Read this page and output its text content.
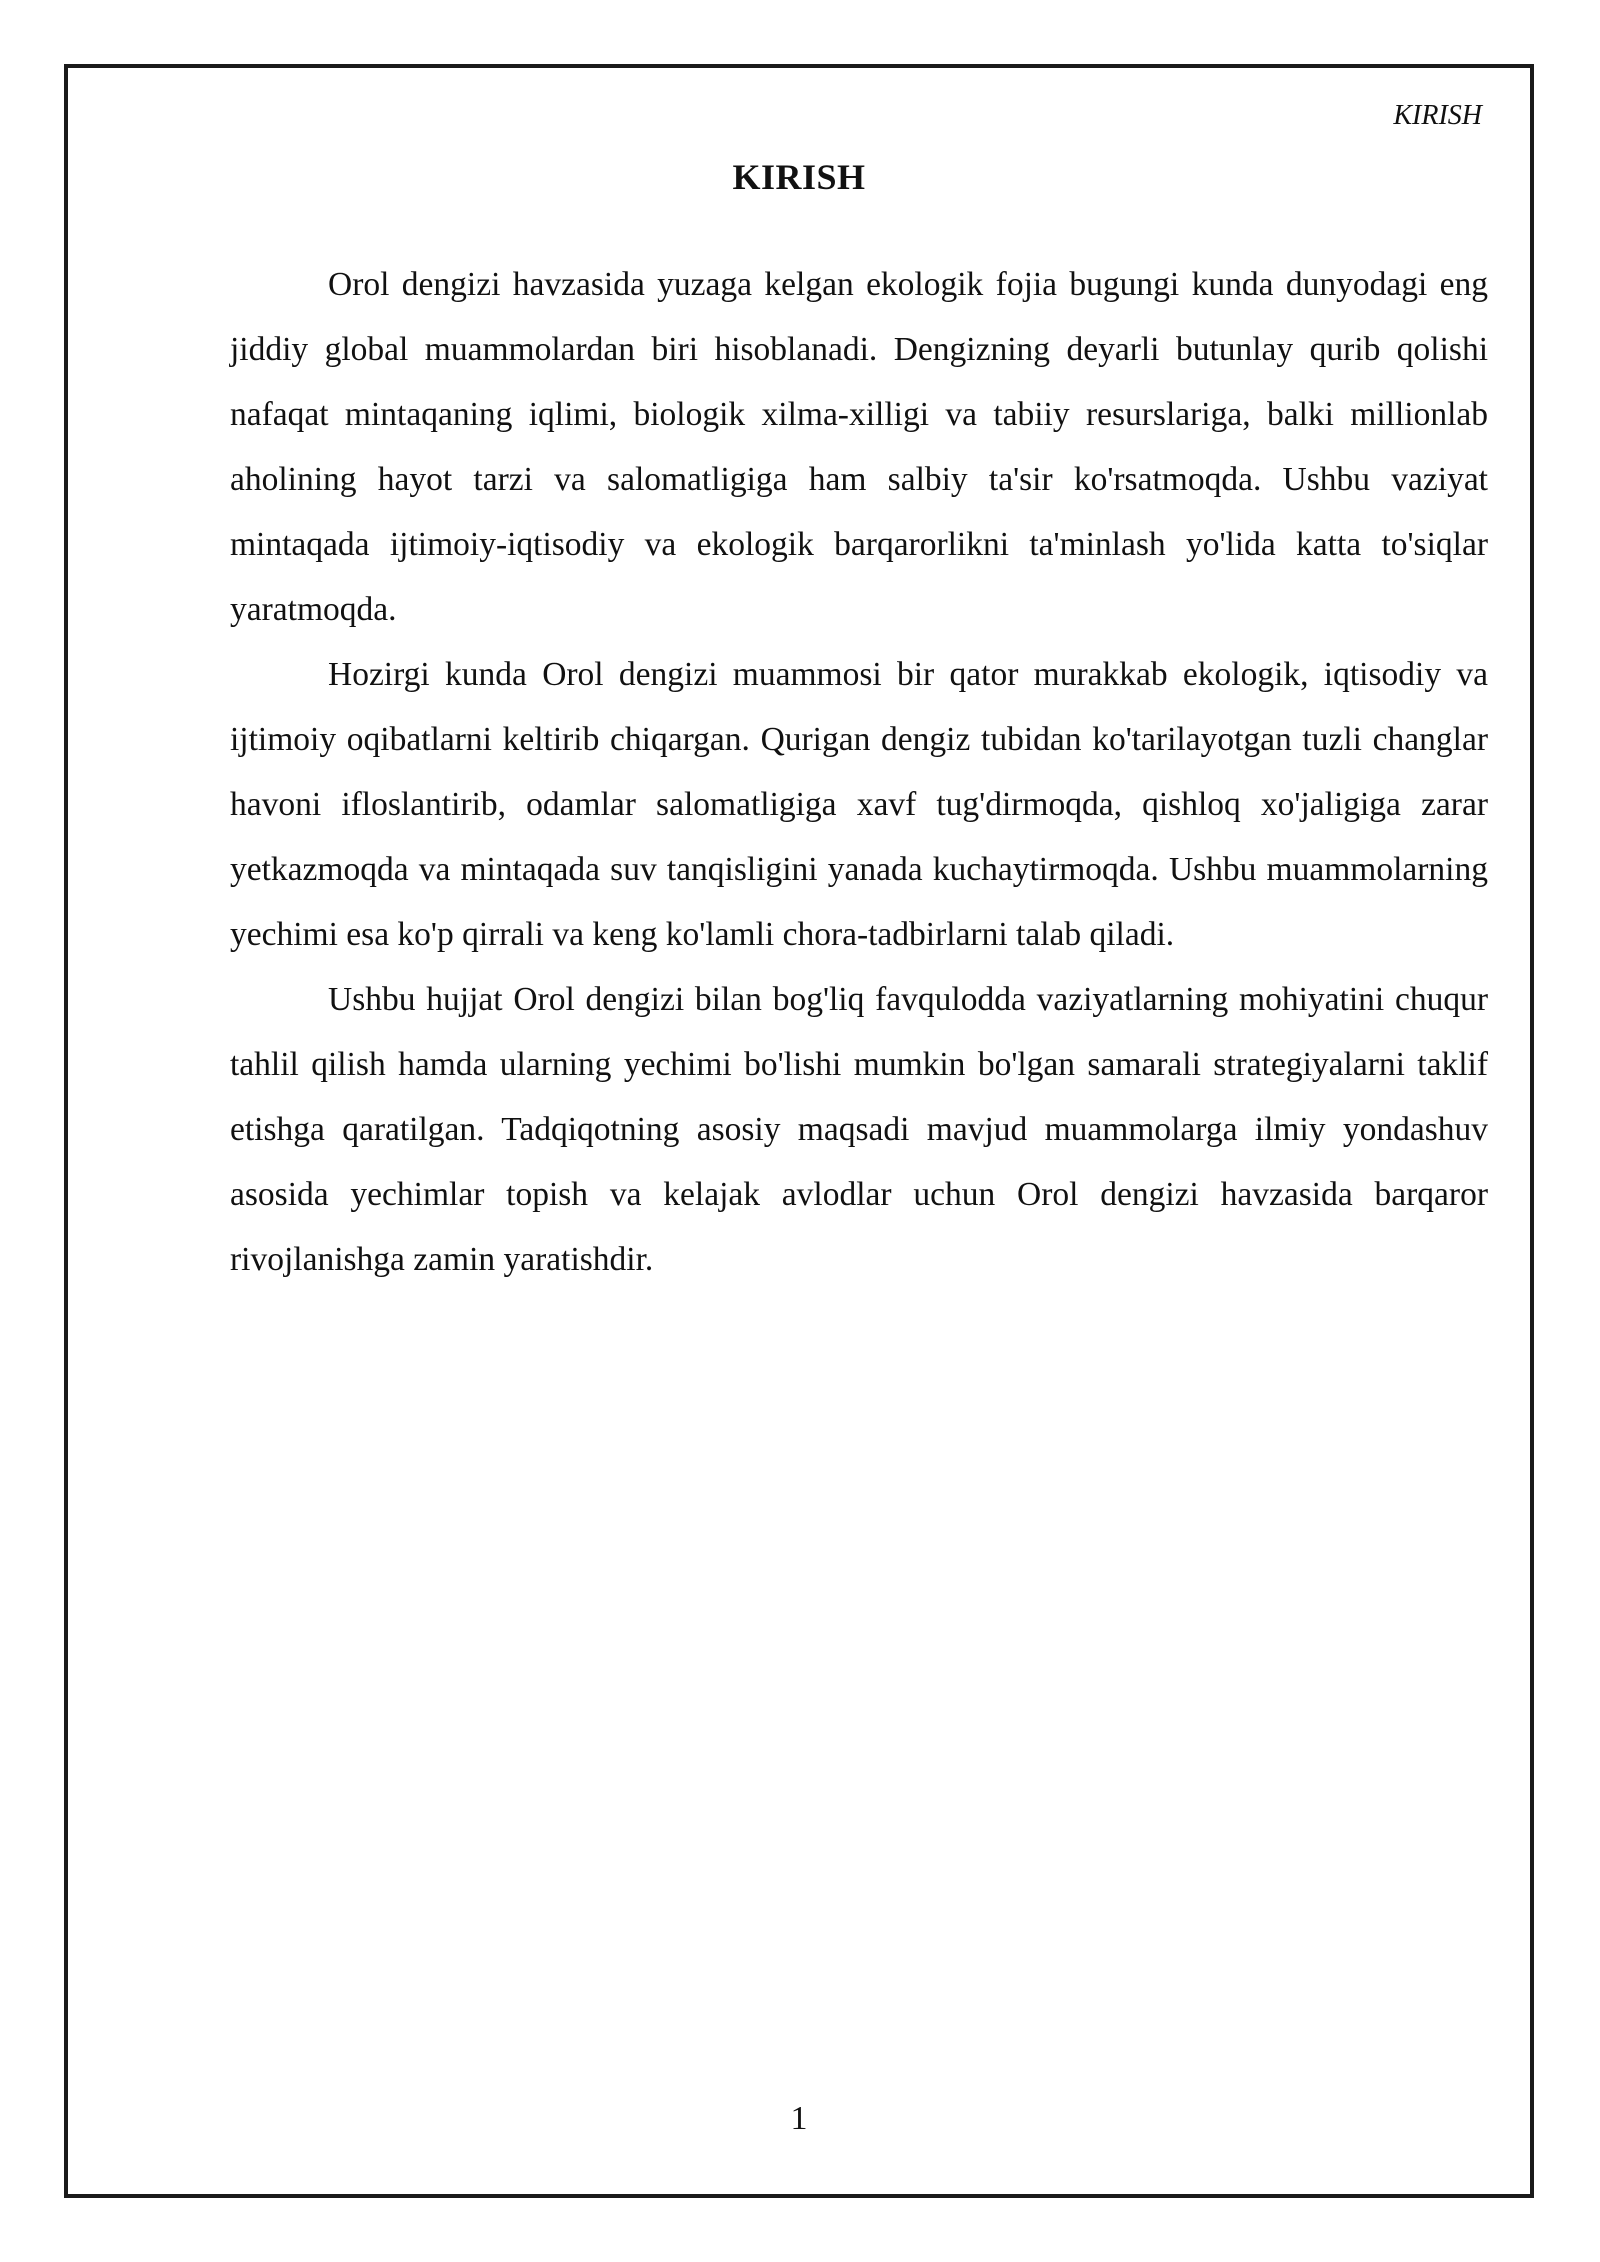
KIRISH
KIRISH

Orol dengizi havzasida yuzaga kelgan ekologik fojia bugungi kunda dunyodagi eng jiddiy global muammolardan biri hisoblanadi. Dengizning deyarli butunlay qurib qolishi nafaqat mintaqaning iqlimi, biologik xilma-xilligi va tabiiy resurslariga, balki millionlab aholining hayot tarzi va salomatligiga ham salbiy ta'sir ko'rsatmoqda. Ushbu vaziyat mintaqada ijtimoiy-iqtisodiy va ekologik barqarorlikni ta'minlash yo'lida katta to'siqlar yaratmoqda.

Hozirgi kunda Orol dengizi muammosi bir qator murakkab ekologik, iqtisodiy va ijtimoiy oqibatlarni keltirib chiqargan. Qurigan dengiz tubidan ko'tarilayotgan tuzli changlar havoni ifloslantirib, odamlar salomatligiga xavf tug'dirmoqda, qishloq xo'jaligiga zarar yetkazmoqda va mintaqada suv tanqisligini yanada kuchaytirmoqda. Ushbu muammolarning yechimi esa ko'p qirrali va keng ko'lamli chora-tadbirlarni talab qiladi.

Ushbu hujjat Orol dengizi bilan bog'liq favqulodda vaziyatlarning mohiyatini chuqur tahlil qilish hamda ularning yechimi bo'lishi mumkin bo'lgan samarali strategiyalarni taklif etishga qaratilgan. Tadqiqotning asosiy maqsadi mavjud muammolarga ilmiy yondashuv asosida yechimlar topish va kelajak avlodlar uchun Orol dengizi havzasida barqaror rivojlanishga zamin yaratishdir.

1
